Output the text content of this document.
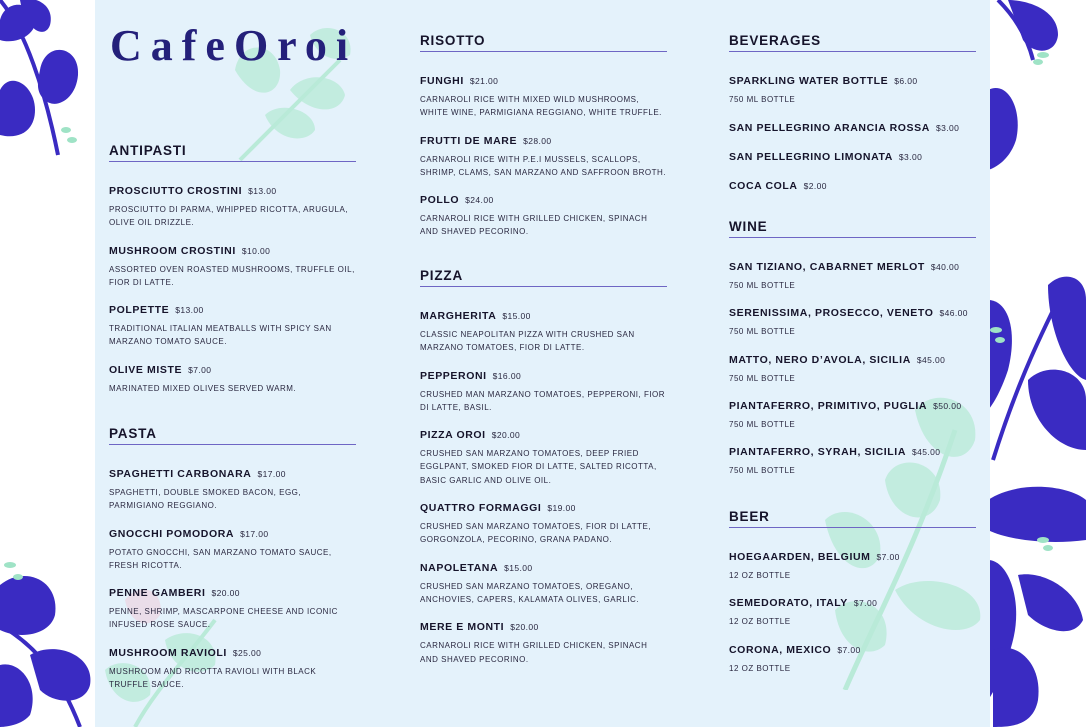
CafeOroi
ANTIPASTI
PROSCIUTTO CROSTINI $13.00
PROSCIUTTO DI PARMA, WHIPPED RICOTTA, ARUGULA, OLIVE OIL DRIZZLE.
MUSHROOM CROSTINI $10.00
ASSORTED OVEN ROASTED MUSHROOMS, TRUFFLE OIL, FIOR DI LATTE.
POLPETTE $13.00
TRADITIONAL ITALIAN MEATBALLS WITH SPICY SAN MARZANO TOMATO SAUCE.
OLIVE MISTE $7.00
MARINATED MIXED OLIVES SERVED WARM.
PASTA
SPAGHETTI CARBONARA $17.00
SPAGHETTI, DOUBLE SMOKED BACON, EGG, PARMIGIANO REGGIANO.
GNOCCHI POMODORA $17.00
POTATO GNOCCHI, SAN MARZANO TOMATO SAUCE, FRESH RICOTTA.
PENNE GAMBERI $20.00
PENNE, SHRIMP, MASCARPONE CHEESE AND ICONIC INFUSED ROSE SAUCE.
MUSHROOM RAVIOLI $25.00
MUSHROOM AND RICOTTA RAVIOLI WITH BLACK TRUFFLE SAUCE.
RISOTTO
FUNGHI $21.00
CARNAROLI RICE WITH MIXED WILD MUSHROOMS, WHITE WINE, PARMIGIANA REGGIANO, WHITE TRUFFLE.
FRUTTI DE MARE $28.00
CARNAROLI RICE WITH P.E.I MUSSELS, SCALLOPS, SHRIMP, CLAMS, SAN MARZANO AND SAFFROON BROTH.
POLLO $24.00
CARNAROLI RICE WITH GRILLED CHICKEN, SPINACH AND SHAVED PECORINO.
PIZZA
MARGHERITA $15.00
CLASSIC NEAPOLITAN PIZZA WITH CRUSHED SAN MARZANO TOMATOES, FIOR DI LATTE.
PEPPERONI $16.00
CRUSHED MAN MARZANO TOMATOES, PEPPERONI, FIOR DI LATTE, BASIL.
PIZZA OROI $20.00
CRUSHED SAN MARZANO TOMATOES, DEEP FRIED EGGLPANT, SMOKED FIOR DI LATTE, SALTED RICOTTA, BASIC GARLIC AND OLIVE OIL.
QUATTRO FORMAGGI $19.00
CRUSHED SAN MARZANO TOMATOES, FIOR DI LATTE, GORGONZOLA, PECORINO, GRANA PADANO.
NAPOLETANA $15.00
CRUSHED SAN MARZANO TOMATOES, OREGANO, ANCHOVIES, CAPERS, KALAMATA OLIVES, GARLIC.
MERE E MONTI $20.00
CARNAROLI RICE WITH GRILLED CHICKEN, SPINACH AND SHAVED PECORINO.
BEVERAGES
SPARKLING WATER BOTTLE $6.00
750 ML BOTTLE
SAN PELLEGRINO ARANCIA ROSSA $3.00
SAN PELLEGRINO LIMONATA $3.00
COCA COLA $2.00
WINE
SAN TIZIANO, CABARNET MERLOT $40.00
750 ML BOTTLE
SERENISSIMA, PROSECCO, VENETO $46.00
750 ML BOTTLE
MATTO, NERO D’AVOLA, SICILIA $45.00
750 ML BOTTLE
PIANTAFERRO, PRIMITIVO, PUGLIA $50.00
750 ML BOTTLE
PIANTAFERRO, SYRAH, SICILIA $45.00
750 ML BOTTLE
BEER
HOEGAARDEN, BELGIUM $7.00
12 OZ BOTTLE
SEMEDORATO, ITALY $7.00
12 OZ BOTTLE
CORONA, MEXICO $7.00
12 OZ BOTTLE
